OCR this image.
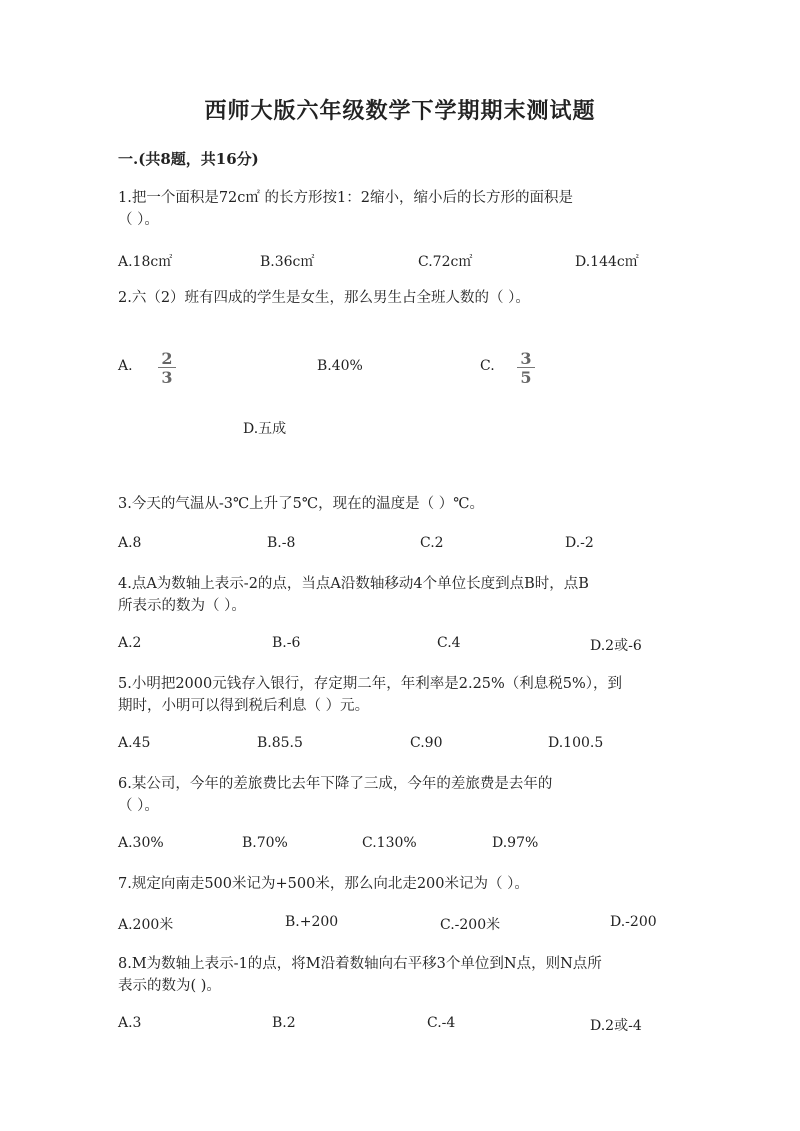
西师大版六年级数学下学期期末测试题
一.(共8题，共16分)
1.把一个面积是72c㎡ 的长方形按1：2缩小，缩小后的长方形的面积是
（ ）。
A.18c㎡	B.36c㎡	C.72c㎡	D.144c㎡
2.六（2）班有四成的学生是女生，那么男生占全班人数的（ ）。
A. 2
3
B.40%	C. 3
5
D.五成
3.今天的气温从-3℃上升了5℃，现在的温度是（ ）℃。
A.8	B.-8	C.2	D.-2
4.点A为数轴上表示-2的点，当点A沿数轴移动4个单位长度到点B时，点B
所表示的数为（ ）。
A.2	B.-6	C.4	D.2或-6
5.小明把2000元钱存入银行，存定期二年，年利率是2.25%（利息税5%），到
期时，小明可以得到税后利息（ ）元。
A.45	B.85.5	C.90	D.100.5
6.某公司，今年的差旅费比去年下降了三成，今年的差旅费是去年的
（ ）。
A.30%	B.70%	C.130%	D.97%
7.规定向南走500米记为+500米，那么向北走200米记为（ ）。
A.200米	B.+200	C.-200米	D.-200
8.M为数轴上表示-1的点，将M沿着数轴向右平移3个单位到N点，则N点所
表示的数为( )。
A.3	B.2	C.-4	D.2或-4
